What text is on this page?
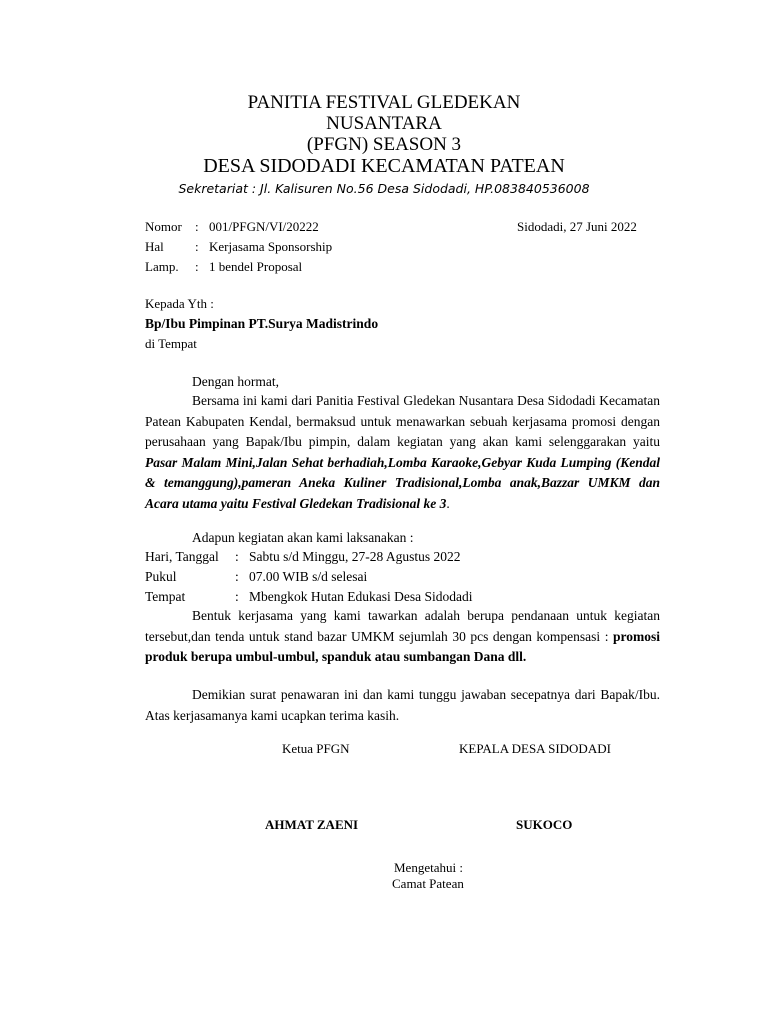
PANITIA FESTIVAL GLEDEKAN

NUSANTARA

(PFGN) SEASON 3

DESA SIDODADI KECAMATAN PATEAN

Sekretariat : Jl. Kalisuren No.56 Desa Sidodadi, HP.083840536008
Nomor : 001/PFGN/VI/20222	Sidodadi, 27 Juni 2022
Hal : Kerjasama Sponsorship
Lamp. : 1 bendel Proposal
Kepada Yth :
Bp/Ibu Pimpinan PT.Surya Madistrindo
di Tempat
Dengan hormat,
Bersama ini kami dari Panitia Festival Gledekan Nusantara Desa Sidodadi Kecamatan Patean Kabupaten Kendal, bermaksud untuk menawarkan sebuah kerjasama promosi dengan perusahaan yang Bapak/Ibu pimpin, dalam kegiatan yang akan kami selenggarakan yaitu Pasar Malam Mini,Jalan Sehat berhadiah,Lomba Karaoke,Gebyar Kuda Lumping (Kendal & temanggung),pameran Aneka Kuliner Tradisional,Lomba anak,Bazzar UMKM dan Acara utama yaitu Festival Gledekan Tradisional ke 3.
Adapun kegiatan akan kami laksanakan :
Hari, Tanggal : Sabtu s/d Minggu, 27-28 Agustus 2022
Pukul	: 07.00 WIB s/d selesai
Tempat	: Mbengkok Hutan Edukasi Desa Sidodadi
Bentuk kerjasama yang kami tawarkan adalah berupa pendanaan untuk kegiatan tersebut,dan tenda untuk stand bazar UMKM sejumlah 30 pcs dengan kompensasi : promosi produk berupa umbul-umbul, spanduk atau sumbangan Dana dll.
Demikian surat penawaran ini dan kami tunggu jawaban secepatnya dari Bapak/Ibu. Atas kerjasamanya kami ucapkan terima kasih.
Ketua PFGN	KEPALA DESA SIDODADI
AHMAT ZAENI	SUKOCO
Mengetahui :
Camat Patean
